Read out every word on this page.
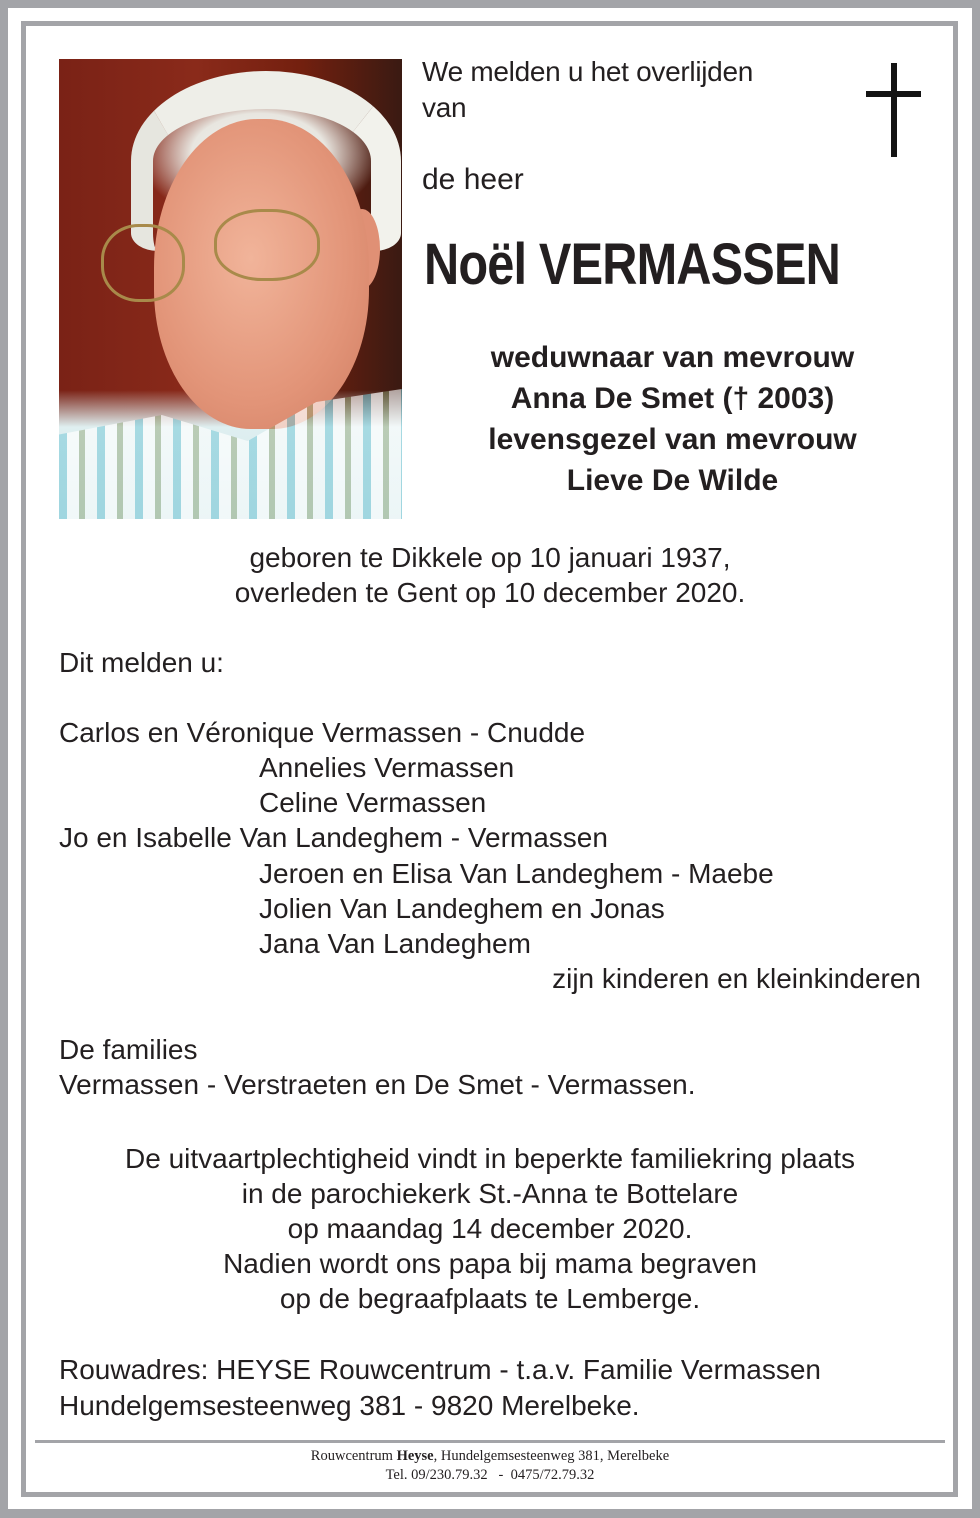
We melden u het overlijden
van
de heer
Noël VERMASSEN
weduwnaar van mevrouw
Anna De Smet († 2003)
levensgezel van mevrouw
Lieve De Wilde
geboren te Dikkele op 10 januari 1937,
overleden te Gent op 10 december 2020.
Dit melden u:
Carlos en Véronique Vermassen - Cnudde
Annelies Vermassen
Celine Vermassen
Jo en Isabelle Van Landeghem - Vermassen
Jeroen en Elisa Van Landeghem - Maebe
Jolien Van Landeghem en Jonas
Jana Van Landeghem
zijn kinderen en kleinkinderen
De families
Vermassen - Verstraeten en De Smet - Vermassen.
De uitvaartplechtigheid vindt in beperkte familiekring plaats
in de parochiekerk St.-Anna te Bottelare
op maandag 14 december 2020.
Nadien wordt ons papa bij mama begraven
op de begraafplaats te Lemberge.
Rouwadres: HEYSE Rouwcentrum - t.a.v. Familie Vermassen
Hundelgemsesteenweg 381 - 9820 Merelbeke.
Rouwcentrum Heyse, Hundelgemsesteenweg 381, Merelbeke
Tel. 09/230.79.32   -  0475/72.79.32
